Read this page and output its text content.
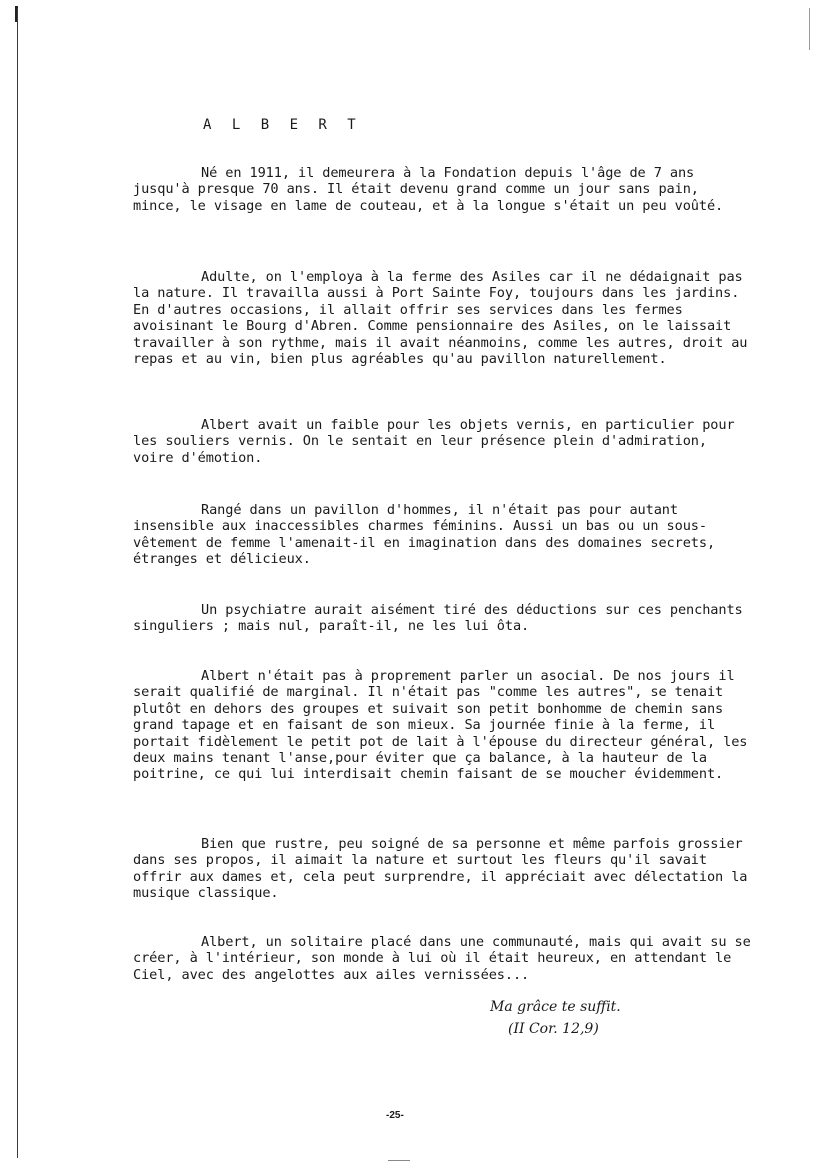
A L B E R T

Né en 1911, il demeurera à la Fondation depuis l'âge de 7 ans jusqu'à presque 70 ans. Il était devenu grand comme un jour sans pain, mince, le visage en lame de couteau, et à la longue s'était un peu voûté.

Adulte, on l'employa à la ferme des Asiles car il ne dédaignait pas la nature. Il travailla aussi à Port Sainte Foy, toujours dans les jardins. En d'autres occasions, il allait offrir ses services dans les fermes avoisinant le Bourg d'Abren. Comme pensionnaire des Asiles, on le laissait travailler à son rythme, mais il avait néanmoins, comme les autres, droit au repas et au vin, bien plus agréables qu'au pavillon naturellement.

Albert avait un faible pour les objets vernis, en particulier pour les souliers vernis. On le sentait en leur présence plein d'admiration, voire d'émotion.

Rangé dans un pavillon d'hommes, il n'était pas pour autant insensible aux inaccessibles charmes féminins. Aussi un bas ou un sous-vêtement de femme l'amenait-il en imagination dans des domaines secrets, étranges et délicieux.

Un psychiatre aurait aisément tiré des déductions sur ces penchants singuliers ; mais nul, paraît-il, ne les lui ôta.

Albert n'était pas à proprement parler un asocial. De nos jours il serait qualifié de marginal. Il n'était pas "comme les autres", se tenait plutôt en dehors des groupes et suivait son petit bonhomme de chemin sans grand tapage et en faisant de son mieux. Sa journée finie à la ferme, il portait fidèlement le petit pot de lait à l'épouse du directeur général, les deux mains tenant l'anse,pour éviter que ça balance, à la hauteur de la poitrine, ce qui lui interdisait chemin faisant de se moucher évidemment.

Bien que rustre, peu soigné de sa personne et même parfois grossier dans ses propos, il aimait la nature et surtout les fleurs qu'il savait offrir aux dames et, cela peut surprendre, il appréciait avec délectation la musique classique.

Albert, un solitaire placé dans une communauté, mais qui avait su se créer, à l'intérieur, son monde à lui où il était heureux, en attendant le Ciel, avec des angelottes aux ailes vernissées...

Ma grâce te suffit.
(II Cor. 12,9)

-25-
